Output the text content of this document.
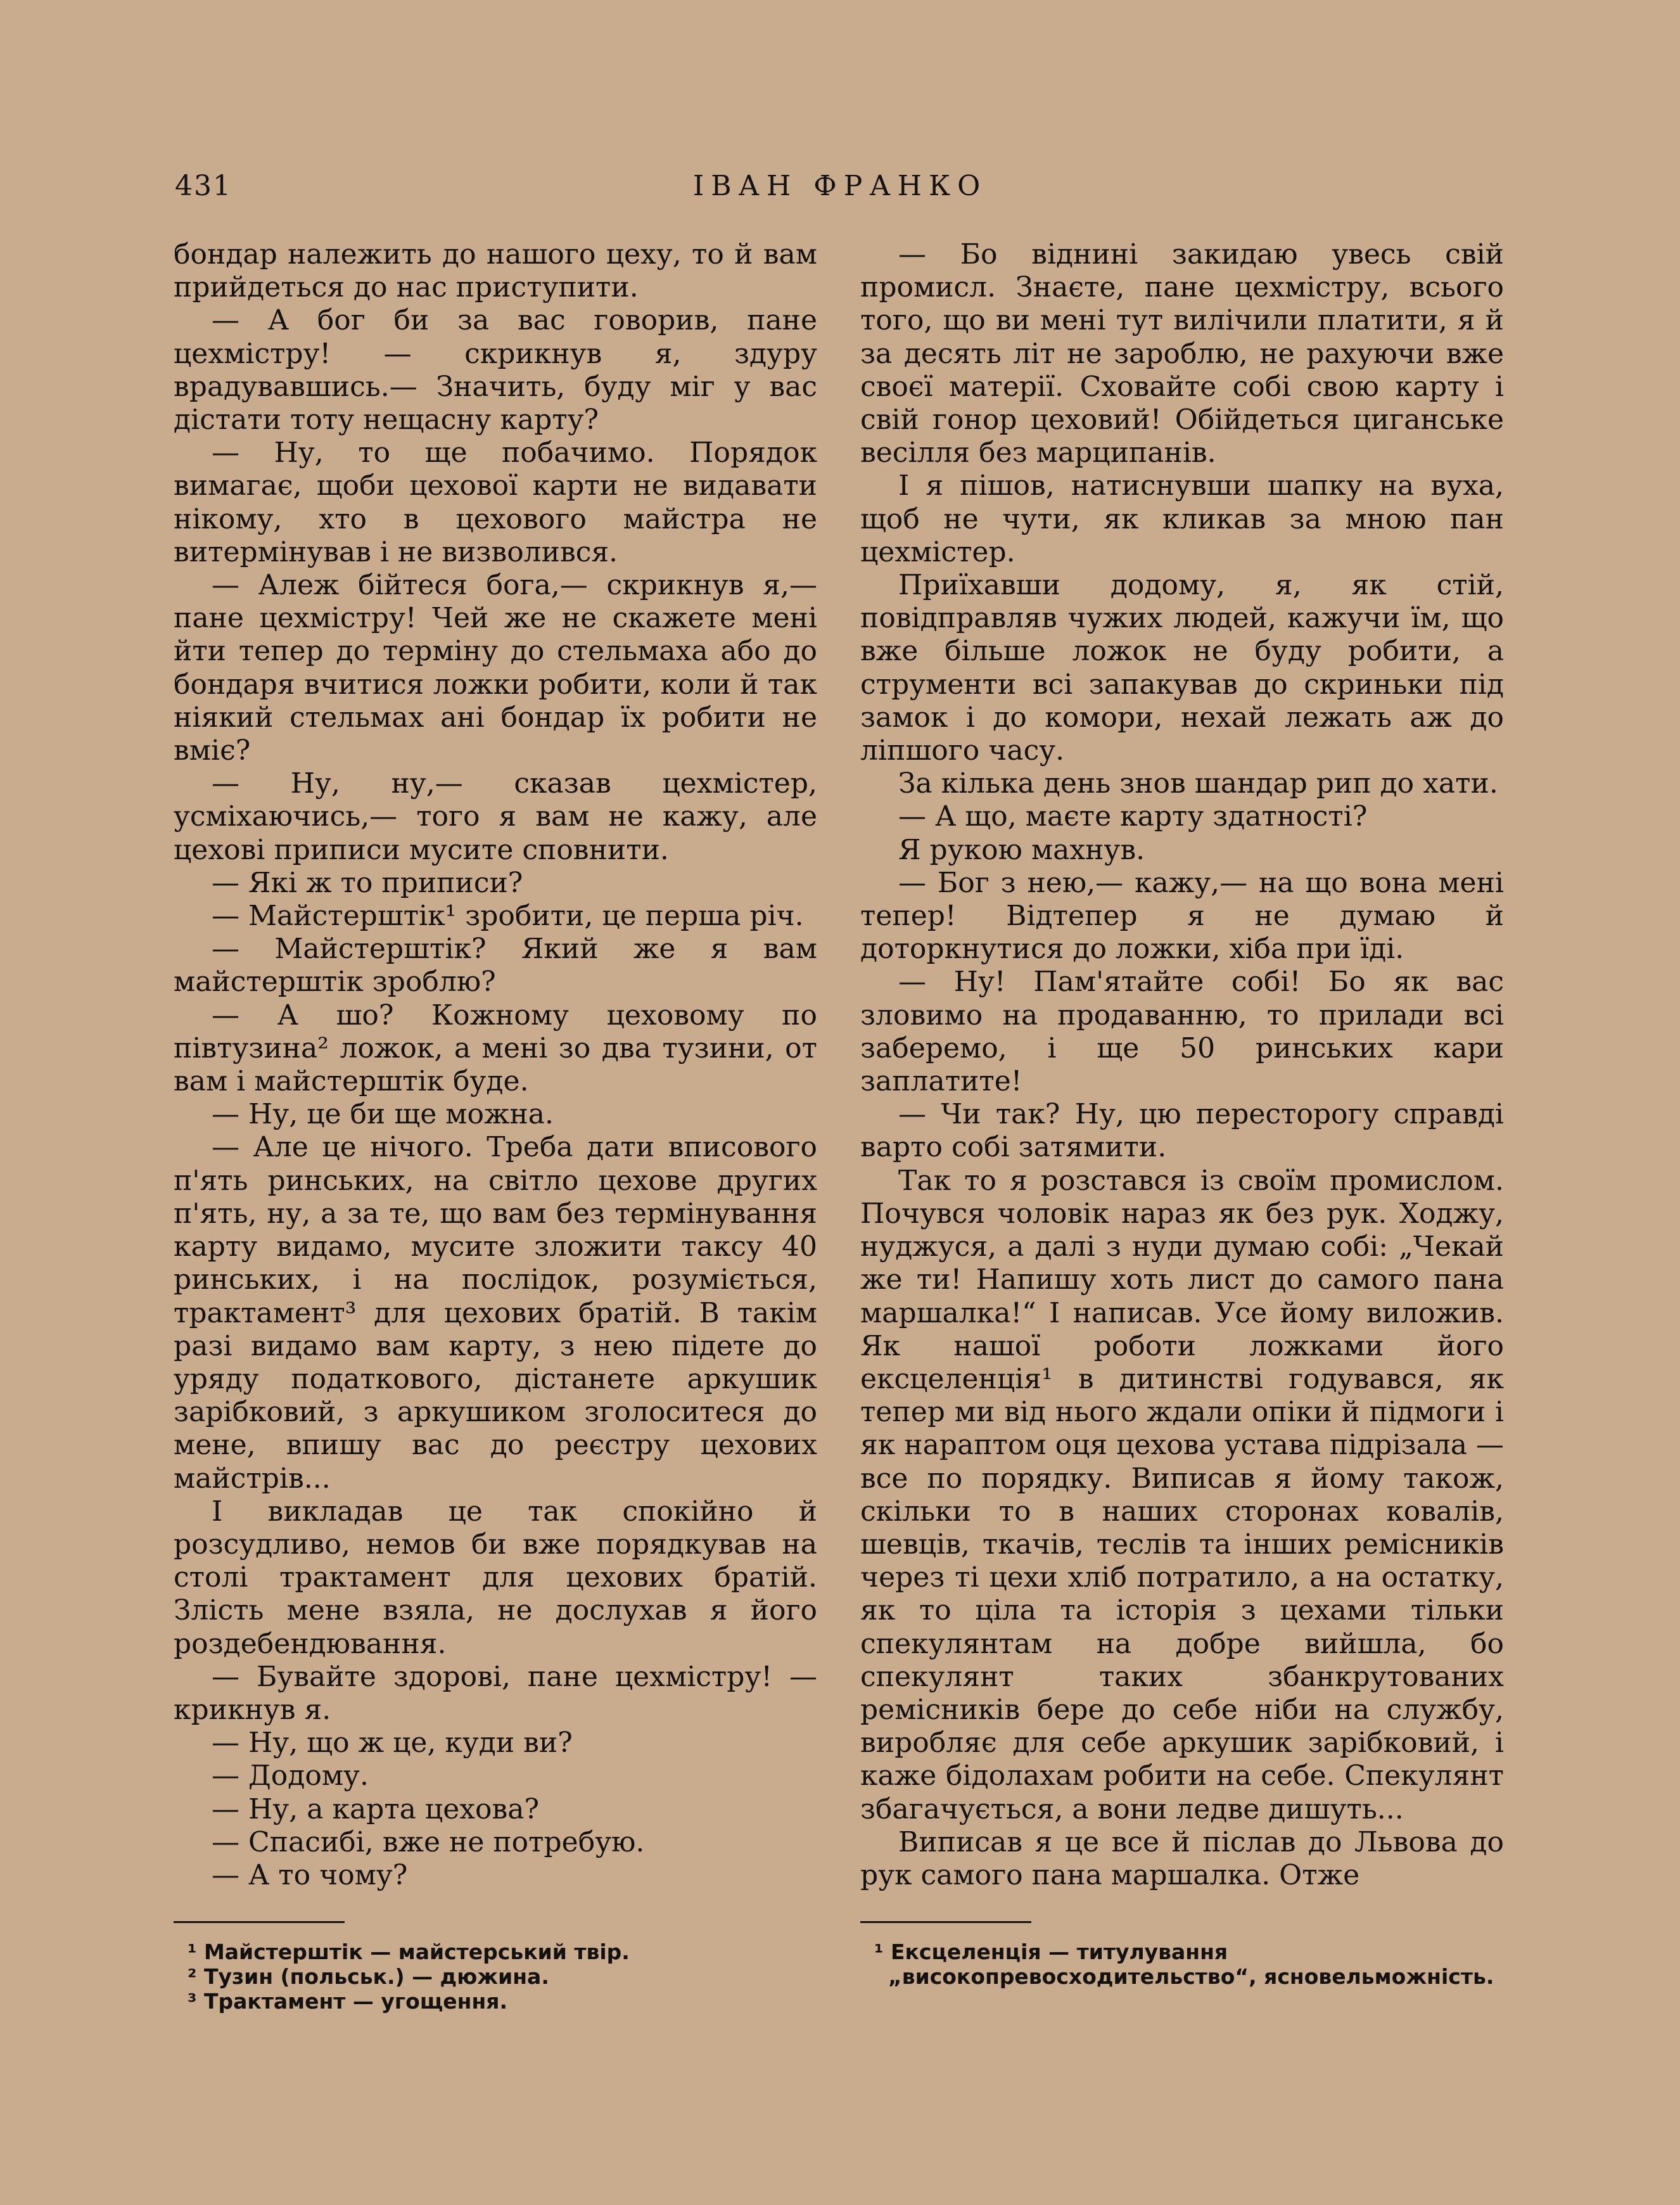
431	ІВАН ФРАНКО

бондар належить до нашого цеху, то й вам прийдеться до нас приступити.

— А бог би за вас говорив, пане цехмістру! — скрикнув я, здуру врадувавшись.— Значить, буду міг у вас дістати тоту нещасну карту?

— Ну, то ще побачимо. Порядок вимагає, щоби цехової карти не видавати нікому, хто в цехового майстра не витермінував і не визволився.

— Алеж бійтеся бога,— скрикнув я,— пане цехмістру! Чей же не скажете мені йти тепер до терміну до стельмаха або до бондаря вчитися ложки робити, коли й так ніякий стельмах ані бондар їх робити не вміє?

— Ну, ну,— сказав цехмістер, усміхаючись,— того я вам не кажу, але цехові приписи мусите сповнити.

— Які ж то приписи?

— Майстерштік¹ зробити, це перша річ.

— Майстерштік? Який же я вам майстерштік зроблю?

— А шо? Кожному цеховому по півтузина² ложок, а мені зо два тузини, от вам і майстерштік буде.

— Ну, це би ще можна.

— Але це нічого. Треба дати вписового п'ять ринських, на світло цехове других п'ять, ну, а за те, що вам без термінування карту видамо, мусите зложити таксу 40 ринських, і на послідок, розуміється, трактамент³ для цехових братій. В такім разі видамо вам карту, з нею підете до уряду податкового, дістанете аркушик зарібковий, з аркушиком зголоситеся до мене, впишу вас до реєстру цехових майстрів...

І викладав це так спокійно й розсудливо, немов би вже порядкував на столі трактамент для цехових братій. Злість мене взяла, не дослухав я його роздебендювання.

— Бувайте здорові, пане цехмістру! — крикнув я.

— Ну, що ж це, куди ви?

— Додому.

— Ну, а карта цехова?

— Спасибі, вже не потребую.

— А то чому?

¹ Майстерштік — майстерський твір.

² Тузин (польськ.) — дюжина.

³ Трактамент — угощення.

— Бо віднині закидаю увесь свій промисл. Знаєте, пане цехмістру, всього того, що ви мені тут вилічили платити, я й за десять літ не зароблю, не рахуючи вже своєї матерії. Сховайте собі свою карту і свій гонор цеховий! Обійдеться циганське весілля без марципанів.

І я пішов, натиснувши шапку на вуха, щоб не чути, як кликав за мною пан цехмістер.

Приїхавши додому, я, як стій, повідправляв чужих людей, кажучи їм, що вже більше ложок не буду робити, а струменти всі запакував до скриньки під замок і до комори, нехай лежать аж до ліпшого часу.

За кілька день знов шандар рип до хати.

— А що, маєте карту здатності?

Я рукою махнув.

— Бог з нею,— кажу,— на що вона мені тепер! Відтепер я не думаю й доторкнутися до ложки, хіба при їді.

— Ну! Пам'ятайте собі! Бо як вас зловимо на продаванню, то прилади всі заберемо, і ще 50 ринських кари заплатите!

— Чи так? Ну, цю пересторогу справді варто собі затямити.

Так то я розстався із своїм промислом. Почувся чоловік нараз як без рук. Ходжу, нуджуся, а далі з нуди думаю собі: „Чекай же ти! Напишу хоть лист до самого пана маршалка!“ І написав. Усе йому виложив. Як нашої роботи ложками його ексцеленція¹ в дитинстві годувався, як тепер ми від нього ждали опіки й підмоги і як нараптом оця цехова устава підрізала — все по порядку. Виписав я йому також, скільки то в наших сторонах ковалів, шевців, ткачів, теслів та інших ремісників через ті цехи хліб потратило, а на остатку, як то ціла та історія з цехами тільки спекулянтам на добре вийшла, бо спекулянт таких збанкрутованих ремісників бере до себе ніби на службу, виробляє для себе аркушик зарібковий, і каже бідолахам робити на себе. Спекулянт збагачується, а вони ледве дишуть...

Виписав я це все й післав до Львова до рук самого пана маршалка. Отже

¹ Ексцеленція — титулування „високопревосходительство“, ясновельможність.
